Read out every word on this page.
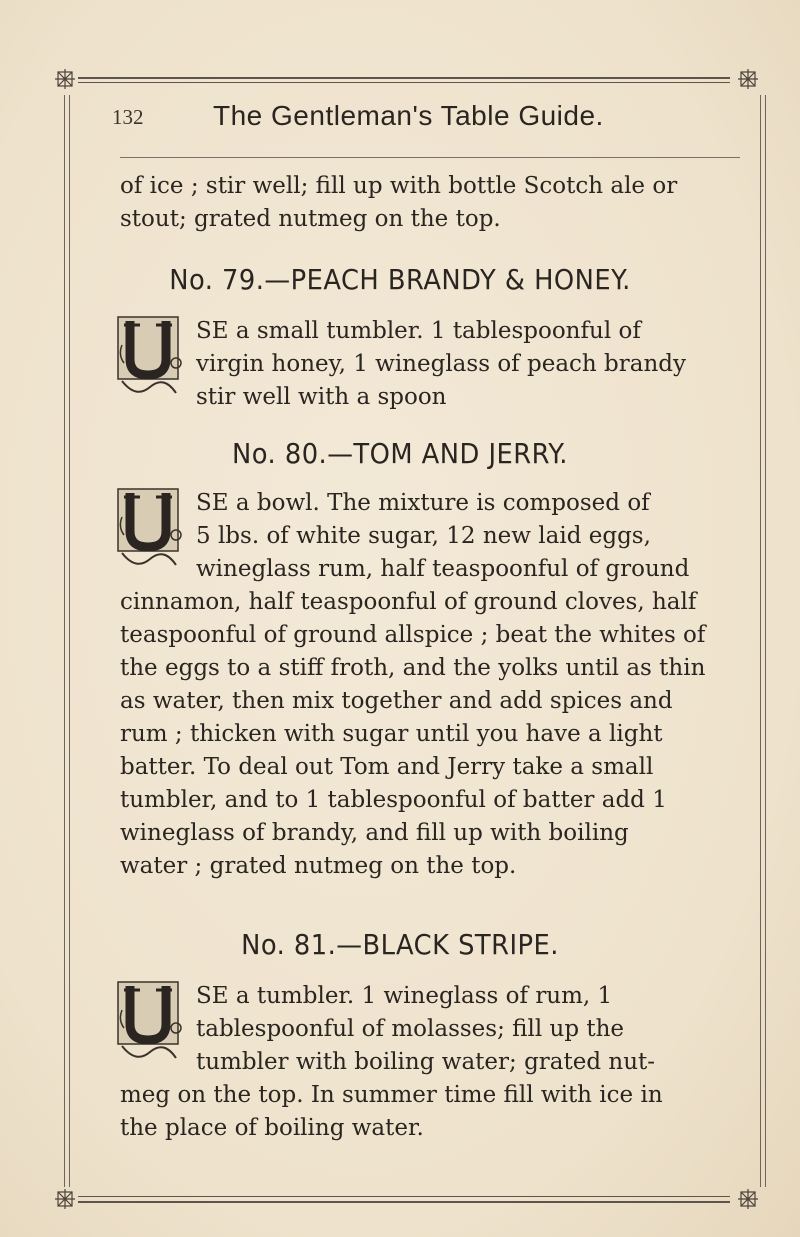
132 The Gentleman's Table Guide.
of ice ; stir well; fill up with bottle Scotch ale or
stout; grated nutmeg on the top.
No. 79.—PEACH BRANDY & HONEY.
SE a small tumbler. 1 tablespoonful of
virgin honey, 1 wineglass of peach brandy
stir well with a spoon
No. 80.—TOM AND JERRY.
SE a bowl. The mixture is composed of
5 lbs. of white sugar, 12 new laid eggs,
wineglass rum, half teaspoonful of ground
cinnamon, half teaspoonful of ground cloves, half
teaspoonful of ground allspice ; beat the whites of
the eggs to a stiff froth, and the yolks until as thin
as water, then mix together and add spices and
rum ; thicken with sugar until you have a light
batter. To deal out Tom and Jerry take a small
tumbler, and to 1 tablespoonful of batter add 1
wineglass of brandy, and fill up with boiling
water ; grated nutmeg on the top.
No. 81.—BLACK STRIPE.
SE a tumbler. 1 wineglass of rum, 1
tablespoonful of molasses; fill up the
tumbler with boiling water; grated nut-
meg on the top. In summer time fill with ice in
the place of boiling water.
